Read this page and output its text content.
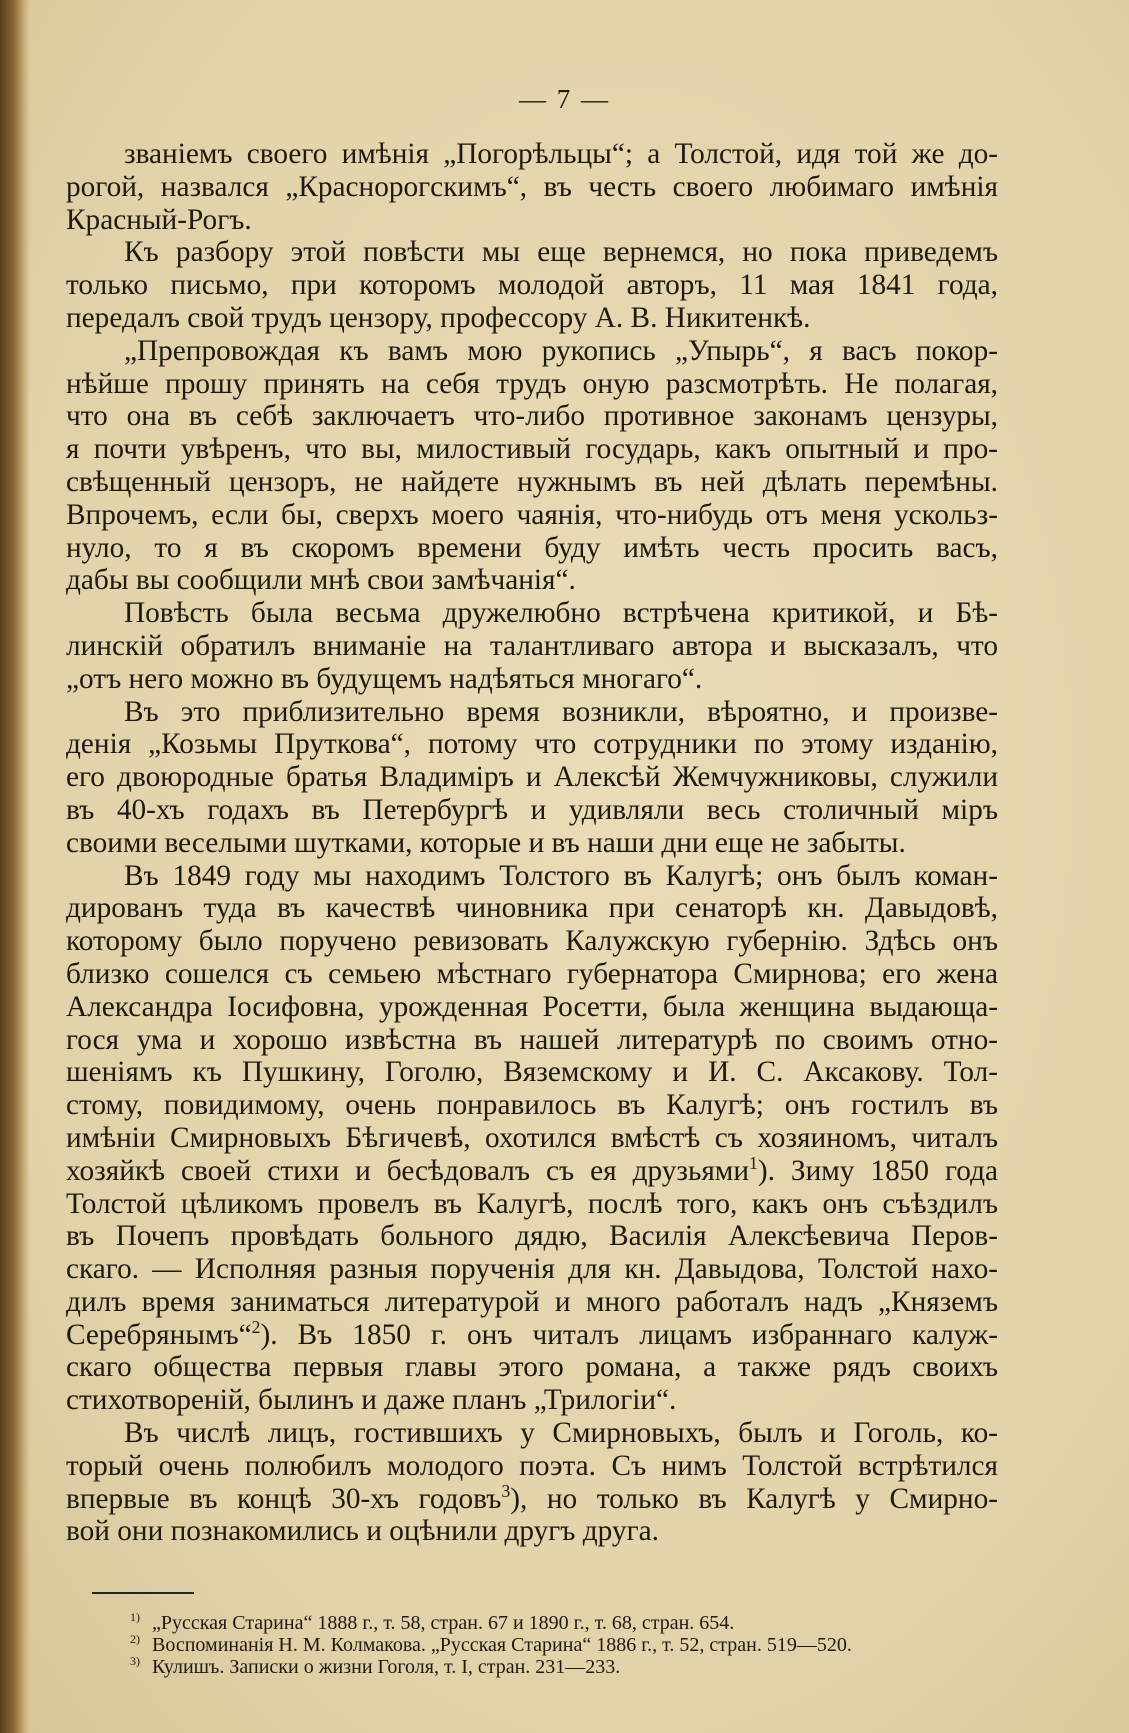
— 7 —

званіемъ своего имѣнія „Погорѣльцы“; а Толстой, идя той же до-
рогой, назвался „Краснорогскимъ“, въ честь своего любимаго имѣнія
Красный-Рогъ.

Къ разбору этой повѣсти мы еще вернемся, но пока приведемъ
только письмо, при которомъ молодой авторъ, 11 мая 1841 года,
передалъ свой трудъ цензору, профессору А. В. Никитенкѣ.

„Препровождая къ вамъ мою рукопись „Упырь“, я васъ покор-
нѣйше прошу принять на себя трудъ оную разсмотрѣть. Не полагая,
что она въ себѣ заключаетъ что-либо противное законамъ цензуры,
я почти увѣренъ, что вы, милостивый государь, какъ опытный и про-
свѣщенный цензоръ, не найдете нужнымъ въ ней дѣлать перемѣны.
Впрочемъ, если бы, сверхъ моего чаянія, что-нибудь отъ меня ускольз-
нуло, то я въ скоромъ времени буду имѣть честь просить васъ,
дабы вы сообщили мнѣ свои замѣчанія“.

Повѣсть была весьма дружелюбно встрѣчена критикой, и Бѣ-
линскій обратилъ вниманіе на талантливаго автора и высказалъ, что
„отъ него можно въ будущемъ надѣяться многаго“.

Въ это приблизительно время возникли, вѣроятно, и произве-
денія „Козьмы Пруткова“, потому что сотрудники по этому изданію,
его двоюродные братья Владиміръ и Алексѣй Жемчужниковы, служили
въ 40-хъ годахъ въ Петербургѣ и удивляли весь столичный міръ
своими веселыми шутками, которые и въ наши дни еще не забыты.

Въ 1849 году мы находимъ Толстого въ Калугѣ; онъ былъ коман-
дированъ туда въ качествѣ чиновника при сенаторѣ кн. Давыдовѣ,
которому было поручено ревизовать Калужскую губернію. Здѣсь онъ
близко сошелся съ семьею мѣстнаго губернатора Смирнова; его жена
Александра Іосифовна, урожденная Росетти, была женщина выдающа-
гося ума и хорошо извѣстна въ нашей литературѣ по своимъ отно-
шеніямъ къ Пушкину, Гоголю, Вяземскому и И. С. Аксакову. Тол-
стому, повидимому, очень понравилось въ Калугѣ; онъ гостилъ въ
имѣніи Смирновыхъ Бѣгичевѣ, охотился вмѣстѣ съ хозяиномъ, читалъ
хозяйкѣ своей стихи и бесѣдовалъ съ ея друзьями$^1$). Зиму 1850 года
Толстой цѣликомъ провелъ въ Калугѣ, послѣ того, какъ онъ съѣздилъ
въ Почепъ провѣдать больного дядю, Василія Алексѣевича Перов-
скаго. — Исполняя разныя порученія для кн. Давыдова, Толстой нахо-
дилъ время заниматься литературой и много работалъ надъ „Княземъ
Серебрянымъ“$^2$). Въ 1850 г. онъ читалъ лицамъ избраннаго калуж-
скаго общества первыя главы этого романа, а также рядъ своихъ
стихотвореній, былинъ и даже планъ „Трилогіи“.

Въ числѣ лицъ, гостившихъ у Смирновыхъ, былъ и Гоголь, ко-
торый очень полюбилъ молодого поэта. Съ нимъ Толстой встрѣтился
впервые въ концѣ 30-хъ годовъ$^3$), но только въ Калугѣ у Смирно-
вой они познакомились и оцѣнили другъ друга.

$^{1)}$ „Русская Старина“ 1888 г., т. 58, стран. 67 и 1890 г., т. 68, стран. 654.
$^{2)}$ Воспоминанія Н. М. Колмакова. „Русская Старина“ 1886 г., т. 52, стран. 519—520.
$^{3)}$ Кулишъ. Записки о жизни Гоголя, т. I, стран. 231—233.
